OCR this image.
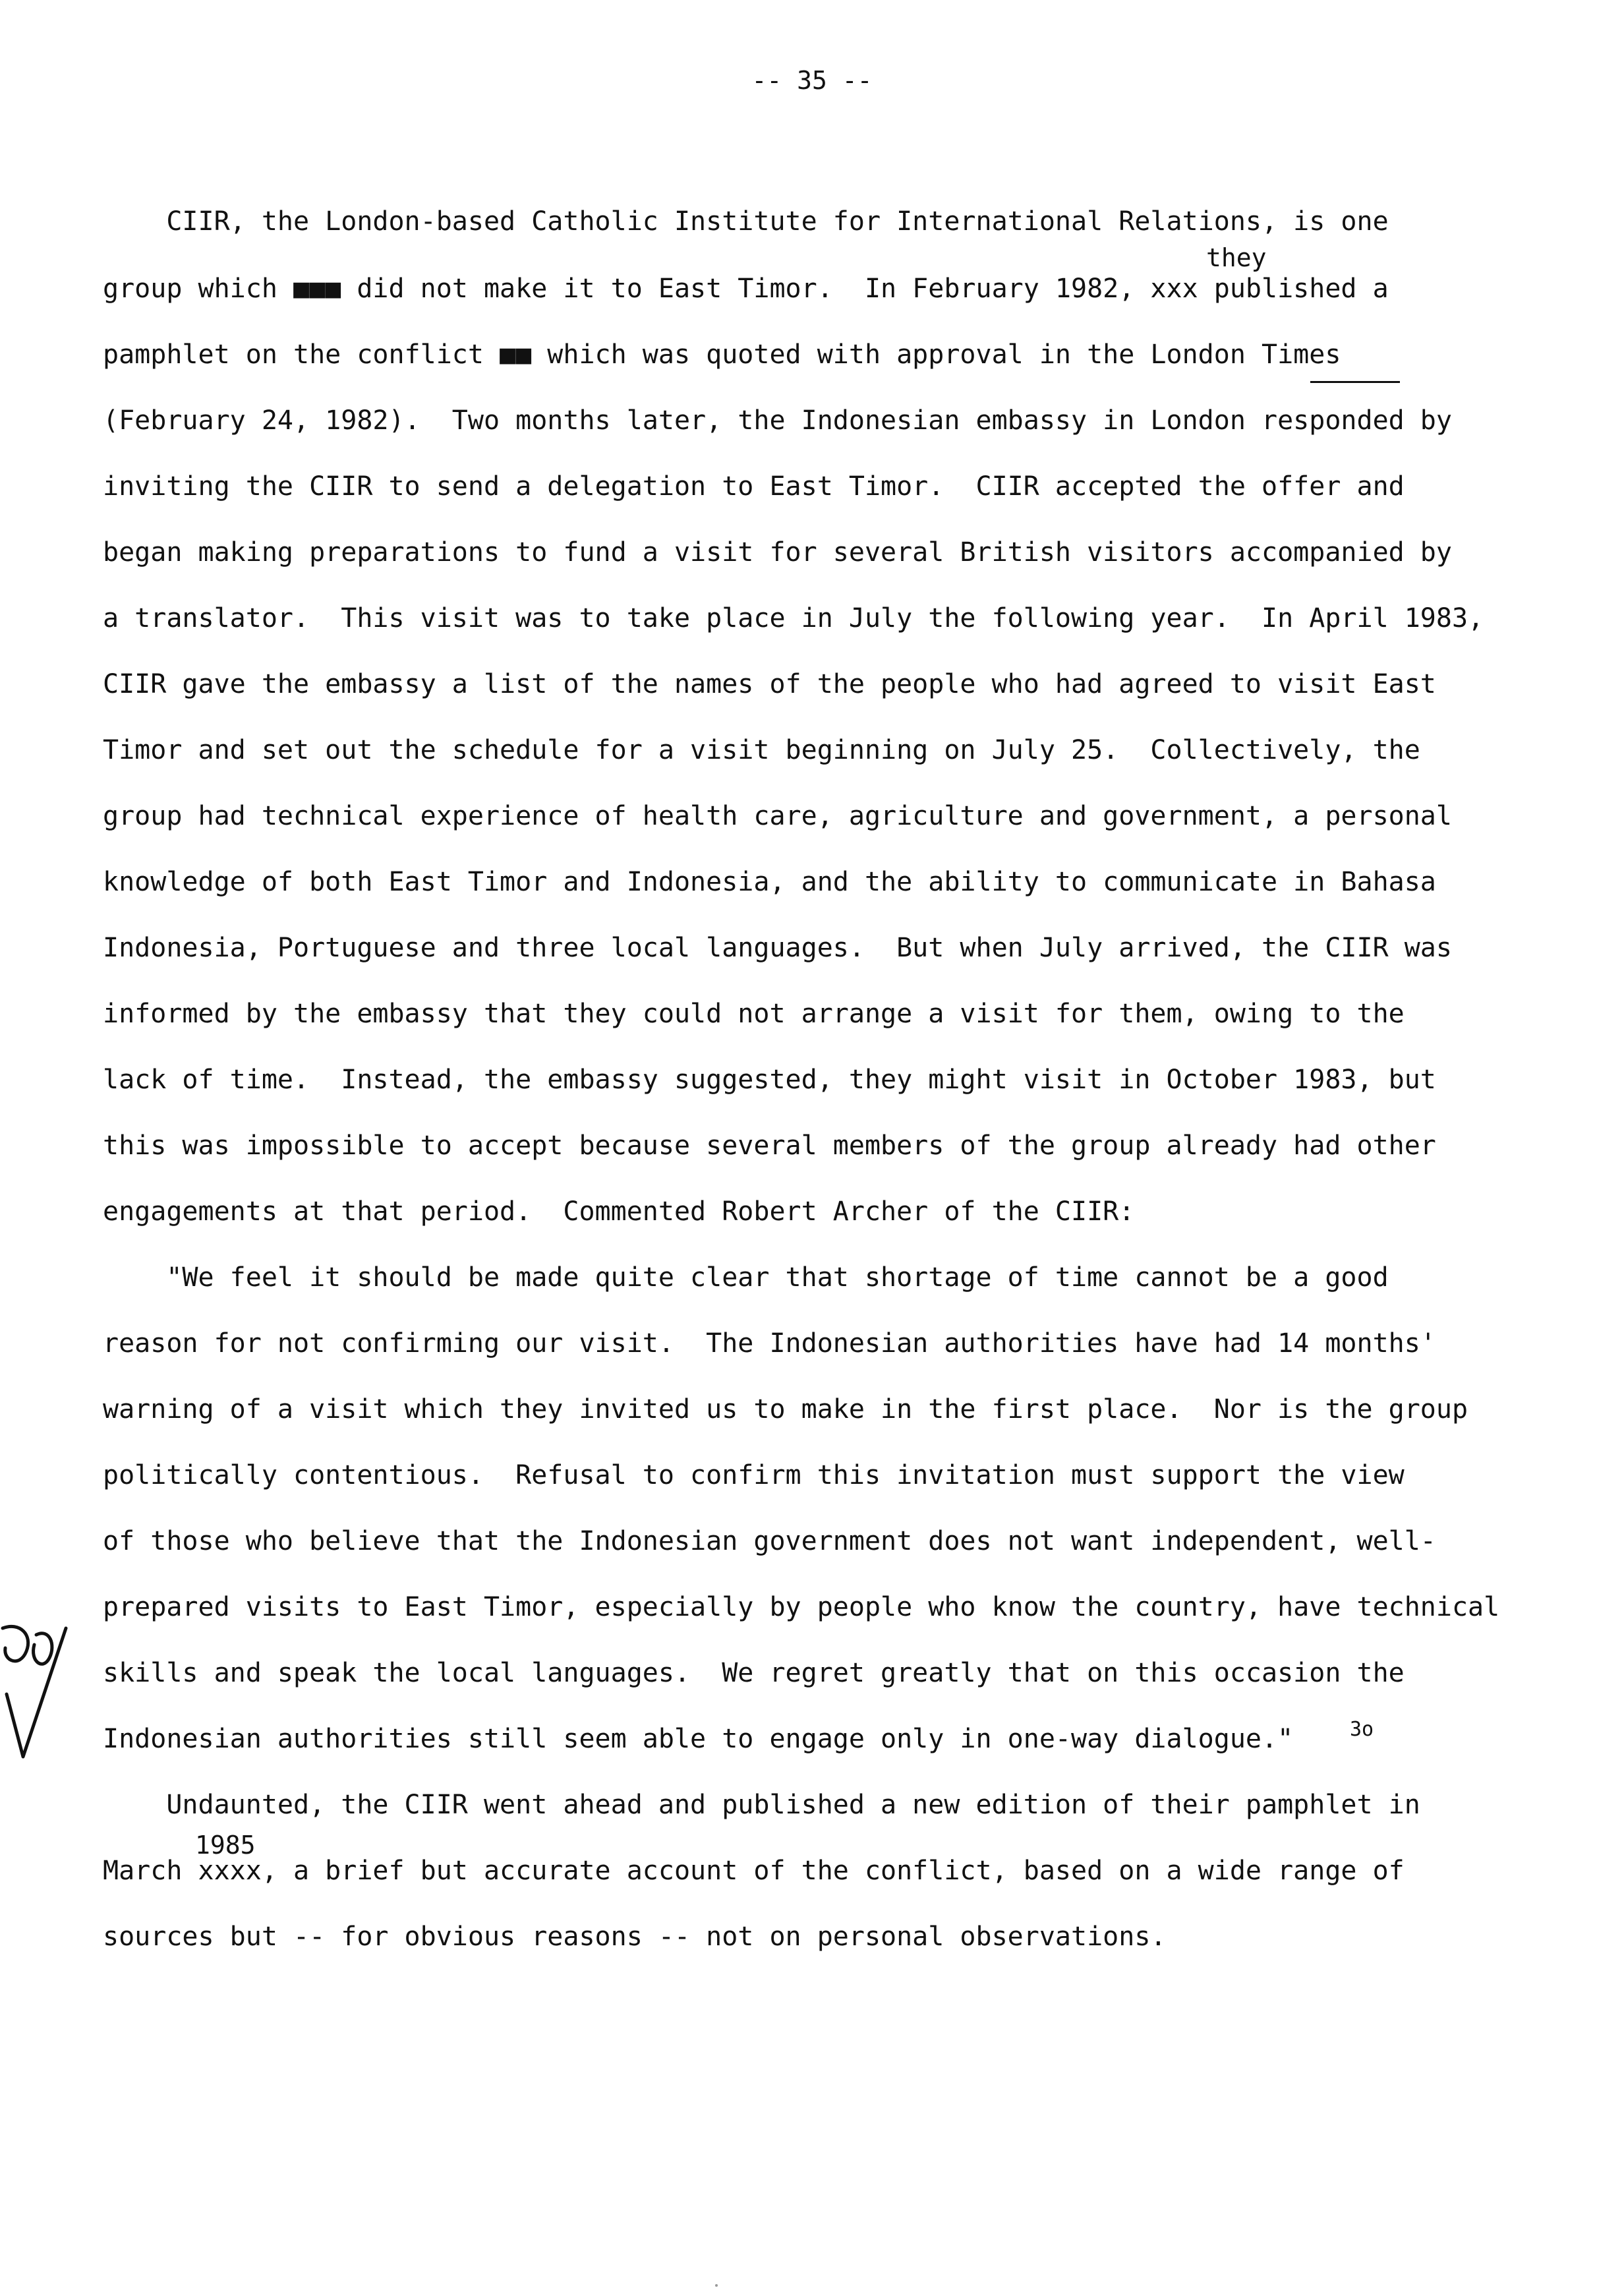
-- 35 --
they
1985
3o
CIIR, the London-based Catholic Institute for International Relations, is one
group which ■■■ did not make it to East Timor.  In February 1982, xxx published a
pamphlet on the conflict ■■ which was quoted with approval in the London Times
(February 24, 1982).  Two months later, the Indonesian embassy in London responded by
inviting the CIIR to send a delegation to East Timor.  CIIR accepted the offer and
began making preparations to fund a visit for several British visitors accompanied by
a translator.  This visit was to take place in July the following year.  In April 1983,
CIIR gave the embassy a list of the names of the people who had agreed to visit East
Timor and set out the schedule for a visit beginning on July 25.  Collectively, the
group had technical experience of health care, agriculture and government, a personal
knowledge of both East Timor and Indonesia, and the ability to communicate in Bahasa
Indonesia, Portuguese and three local languages.  But when July arrived, the CIIR was
informed by the embassy that they could not arrange a visit for them, owing to the
lack of time.  Instead, the embassy suggested, they might visit in October 1983, but
this was impossible to accept because several members of the group already had other
engagements at that period.  Commented Robert Archer of the CIIR:
"We feel it should be made quite clear that shortage of time cannot be a good
reason for not confirming our visit.  The Indonesian authorities have had 14 months'
warning of a visit which they invited us to make in the first place.  Nor is the group
politically contentious.  Refusal to confirm this invitation must support the view
of those who believe that the Indonesian government does not want independent, well-
prepared visits to East Timor, especially by people who know the country, have technical
skills and speak the local languages.  We regret greatly that on this occasion the
Indonesian authorities still seem able to engage only in one-way dialogue."
Undaunted, the CIIR went ahead and published a new edition of their pamphlet in
March xxxx, a brief but accurate account of the conflict, based on a wide range of
sources but -- for obvious reasons -- not on personal observations.
